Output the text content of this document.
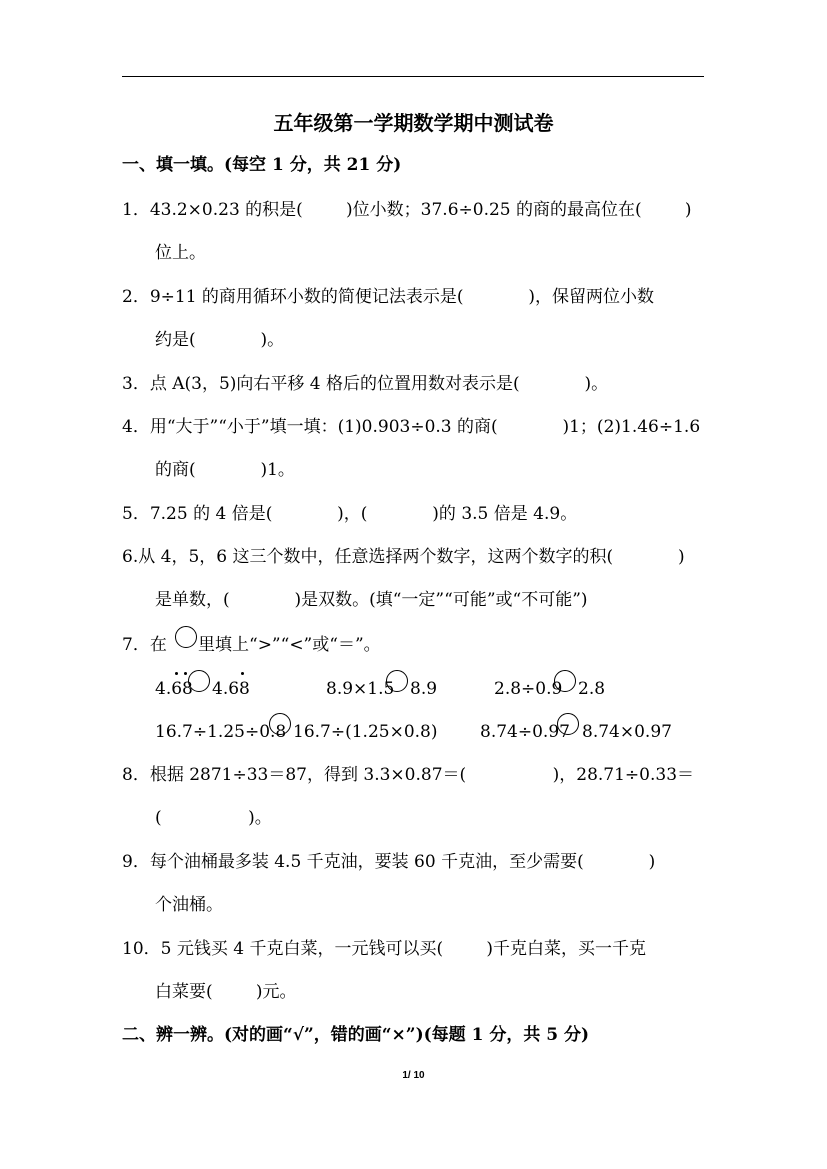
五年级第一学期数学期中测试卷
一、填一填。(每空 1 分，共 21 分)
1．43.2×0.23 的积是(        )位小数；37.6÷0.25 的商的最高位在(        )
位上。
2．9÷11 的商用循环小数的简便记法表示是(            )，保留两位小数
约是(            )。
3．点 A(3，5)向右平移 4 格后的位置用数对表示是(            )。
4．用“大于”“小于”填一填：(1)0.903÷0.3 的商(            )1；(2)1.46÷1.6
的商(            )1。
5．7.25 的 4 倍是(            )，(            )的 3.5 倍是 4.9。
6.从 4，5，6 这三个数中，任意选择两个数字，这两个数字的积(            )
是单数，(            )是双数。(填“一定”“可能”或“不可能”)
7．在 里填上“>”“<”或“＝”。
4.68 4.68	8.9×1.5 8.9	2.8÷0.9 2.8
16.7÷1.25÷0.8 16.7÷(1.25×0.8)	8.74÷0.97 8.74×0.97
8．根据 2871÷33＝87，得到 3.3×0.87＝(                )，28.71÷0.33＝
(                )。
9．每个油桶最多装 4.5 千克油，要装 60 千克油，至少需要(            )
个油桶。
10．5 元钱买 4 千克白菜，一元钱可以买(        )千克白菜，买一千克
白菜要(        )元。
二、辨一辨。(对的画“√”，错的画“×”)(每题 1 分，共 5 分)
1/ 10
